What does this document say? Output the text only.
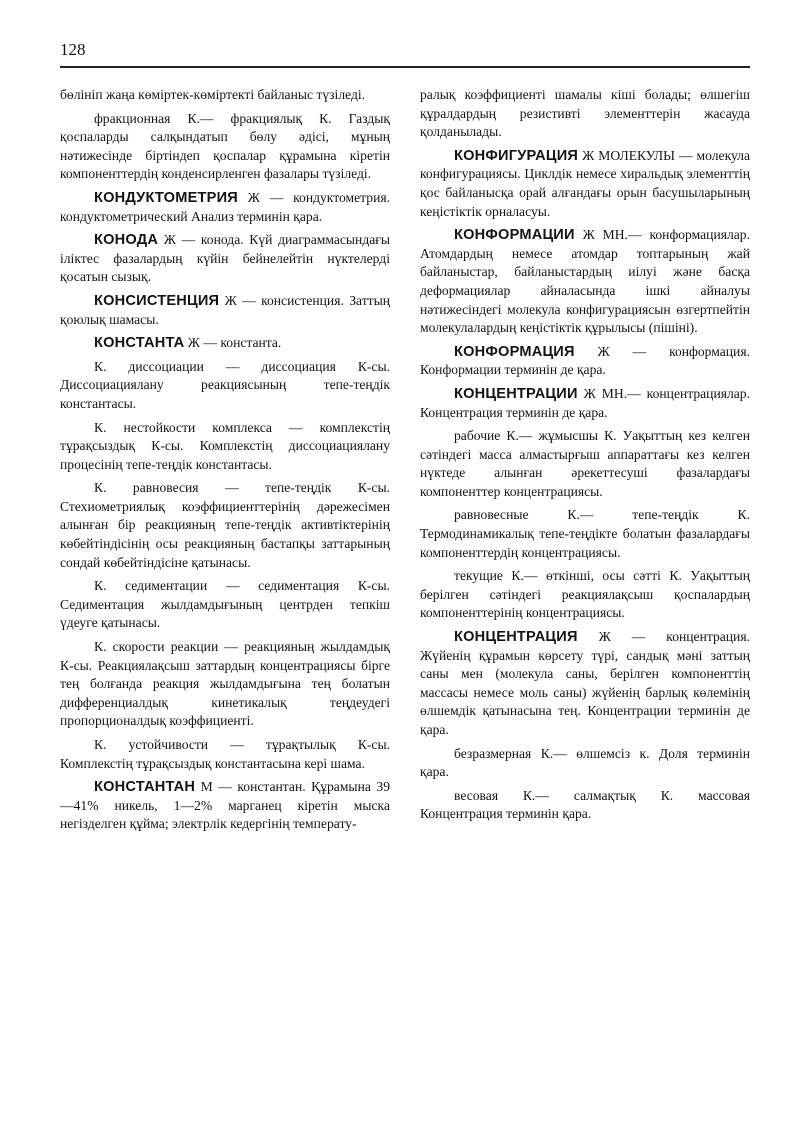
128

бөлініп жаңа көміртек-көміртекті байланыс түзіледі.

фракционная К.— фракциялық К. Газдық қоспаларды салқындатып бөлу әдісі, мұның нәтижесінде біртіндеп қоспалар құрамына кіретін компоненттердің конденсирленген фазалары түзіледі.

КОНДУКТОМЕТРИЯ Ж — кондуктометрия. кондуктометрический Анализ терминін қара.

КОНОДА Ж — конода. Күй диаграммасындағы іліктес фазалардың күйін бейнелейтін нүктелерді қосатын сызық.

КОНСИСТЕНЦИЯ Ж — консистенция. Заттың қоюлық шамасы.

КОНСТАНТА Ж — константа.

К. диссоциации — диссоциация К-сы. Диссоциациялану реакциясының тепе-теңдік константасы.

К. нестойкости комплекса — комплекстің тұрақсыздық К-сы. Комплекстің диссоциациялану процесінің тепе-теңдік константасы.

К. равновесия — тепе-теңдік К-сы. Стехиометриялық коэффициенттерінің дәрежесімен алынған бір реакцияның тепе-теңдік активтіктерінің көбейтіндісінің осы реакцияның бастапқы заттарының сондай көбейтіндісіне қатынасы.

К. седиментации — седиментация К-сы. Седиментация жылдамдығының центрден тепкіш үдеуге қатынасы.

К. скорости реакции — реакцияның жылдамдық К-сы. Реакциялақсыш заттардың концентрациясы бірге тең болғанда реакция жылдамдығына тең болатын дифференциалдық кинетикалық теңдеудегі пропорционалдық коэффициенті.

К. устойчивости — тұрақтылық К-сы. Комплекстің тұрақсыздық константасына кері шама.

КОНСТАНТАН М — константан. Құрамына 39—41% никель, 1—2% марганец кіретін мыска негізделген құйма; электрлік кедергінің температу-

ралық коэффициенті шамалы кіші болады; өлшегіш құралдардың резистивті элементтерін жасауда қолданылады.

КОНФИГУРАЦИЯ Ж МОЛЕКУЛЫ — молекула конфигурациясы. Циклдік немесе хиральдық элементтің қос байланысқа орай алғандағы орын басушыларының кеңістіктік орналасуы.

КОНФОРМАЦИИ Ж МН.— конформациялар. Атомдардың немесе атомдар топтарының жай байланыстар, байланыстардың иілуі және басқа деформациялар айналасында ішкі айналуы нәтижесіндегі молекула конфигурациясын өзгертпейтін молекулалардың кеңістіктік құрылысы (пішіні).

КОНФОРМАЦИЯ Ж — конформация. Конформации терминін де қара.

КОНЦЕНТРАЦИИ Ж МН.— концентрациялар. Концентрация терминін де қара.

рабочие К.— жұмысшы К. Уақыттың кез келген сәтіндегі масса алмастырғыш аппараттағы кез келген нүктеде алынған әрекеттесуші фазалардағы компоненттер концентрациясы.

равновесные К.— тепе-теңдік К. Термодинамикалық тепе-теңдікте болатын фазалардағы компоненттердің концентрациясы.

текущие К.— өткінші, осы сәтті К. Уақыттың берілген сәтіндегі реакциялақсыш қоспалардың компоненттерінің концентрациясы.

КОНЦЕНТРАЦИЯ Ж — концентрация. Жүйенің құрамын көрсету түрі, сандық мәні заттың саны мен (молекула саны, берілген компоненттің массасы немесе моль саны) жүйенің барлық көлемінің өлшемдік қатынасына тең. Концентрации терминін де қара.

безразмерная К.— өлшемсіз к. Доля терминін қара.

весовая К.— салмақтық К. массовая Концентрация терминін қара.
